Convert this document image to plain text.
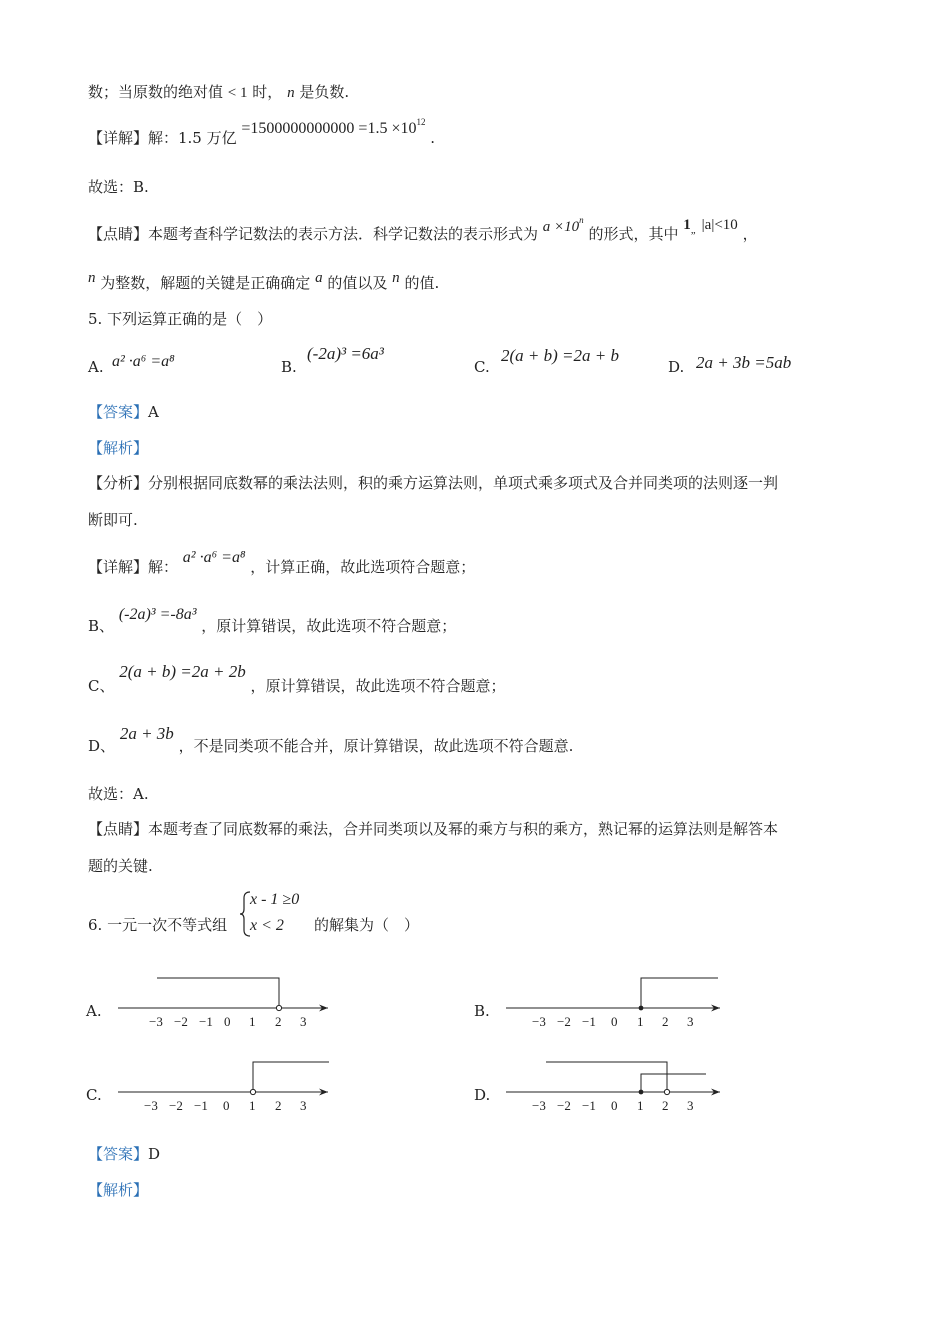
数；当原数的绝对值 < 1 时， n 是负数.
【详解】解：1.5 万亿 $=1500000000000 =1.5 \times 10^{12}$ .
故选：B.
【点睛】本题考查科学记数法的表示方法．科学记数法的表示形式为 $a \times 10^n$ 的形式，其中 1„ |a|<10 ，
n 为整数，解题的关键是正确确定 a 的值以及 n 的值.
5. 下列运算正确的是（　）
A. a² ·a⁶ =a⁸	B.
(-2a)³ =6a³
C.
2(a + b) =2a + b
D. 2a + 3b =5ab
【答案】A
【解析】
【分析】分别根据同底数幂的乘法法则，积的乘方运算法则，单项式乘多项式及合并同类项的法则逐一判
断即可.
【详解】解： a² ·a⁶ =a⁸ ，计算正确，故此选项符合题意；
B、 (-2a)³ =-8a³ ，原计算错误，故此选项不符合题意；
C、 2(a + b) =2a + 2b ，原计算错误，故此选项不符合题意；
D、 2a + 3b ，不是同类项不能合并，原计算错误，故此选项不符合题意.
故选：A.
【点睛】本题考查了同底数幂的乘法，合并同类项以及幂的乘方与积的乘方，熟记幂的运算法则是解答本
题的关键.
6. 一元一次不等式组
x - 1 ≥0
x < 2 的解集为（　）
A.	B.
C.	D.
−3 −2 −1 0 1 2 3	−3 −2 −1 0 1 2 3
−3 −2 −1 0 1 2 3	−3 −2 −1 0 1 2 3
【答案】D
【解析】
